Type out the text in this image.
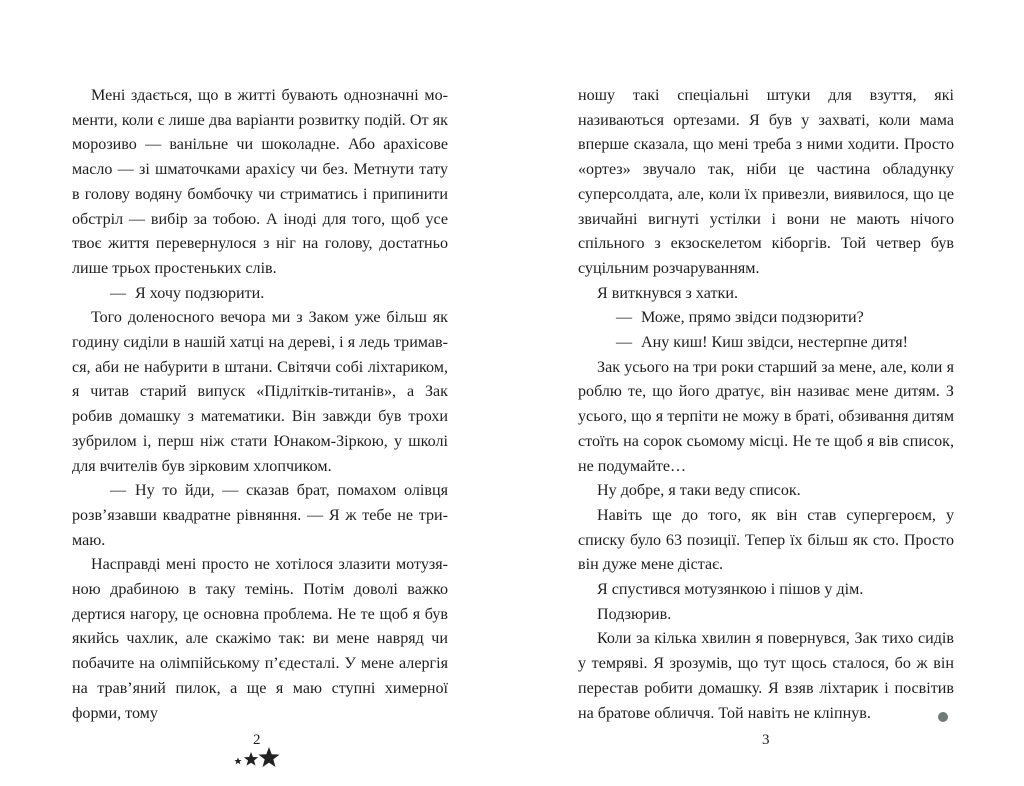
Мені здається, що в житті бувають однозначні моменти, коли є лише два варіанти розвитку подій. От як морозиво — ванільне чи шоколадне. Або арахісове масло — зі шматочками арахісу чи без. Метнути тату в голову водяну бомбочку чи стриматись і припинити обстріл — вибір за тобою. А іноді для того, щоб усе твоє життя перевернулося з ніг на голову, достатньо лише трьох простеньких слів.

— Я хочу подзюрити.

Того доленосного вечора ми з Заком уже більш як годину сиділи в нашій хатці на дереві, і я ледь тримався, аби не набурити в штани. Світячи собі ліхтариком, я читав старий випуск «Підлітків-титанів», а Зак робив домашку з математики. Він завжди був трохи зубрилом і, перш ніж стати Юнаком-Зіркою, у школі для вчителів був зірковим хлопчиком.

— Ну то йди, — сказав брат, помахом олівця розв’язавши квадратне рівняння. — Я ж тебе не тримаю.

Насправді мені просто не хотілося злазити мотузяною драбиною в таку темінь. Потім доволі важко дертися нагору, це основна проблема. Не те щоб я був якийсь чахлик, але скажімо так: ви мене навряд чи побачите на олімпійському п’єдесталі. У мене алергія на трав’яний пилок, а ще я маю ступні химерної форми, тому

ношу такі спеціальні штуки для взуття, які називаються ортезами. Я був у захваті, коли мама вперше сказала, що мені треба з ними ходити. Просто «ортез» звучало так, ніби це частина обладунку суперсолдата, але, коли їх привезли, виявилося, що це звичайні вигнуті устілки і вони не мають нічого спільного з екзоскелетом кіборгів. Той четвер був суцільним розчаруванням.

Я виткнувся з хатки.

— Може, прямо звідси подзюрити?

— Ану киш! Киш звідси, нестерпне дитя!

Зак усього на три роки старший за мене, але, коли я роблю те, що його дратує, він називає мене дитям. З усього, що я терпіти не можу в браті, обзивання дитям стоїть на сорок сьомому місці. Не те щоб я вів список, не подумайте…

Ну добре, я таки веду список.

Навіть ще до того, як він став супергероєм, у списку було 63 позиції. Тепер їх більш як сто. Просто він дуже мене дістає.

Я спустився мотузянкою і пішов у дім.

Подзюрив.

Коли за кілька хвилин я повернувся, Зак тихо сидів у темряві. Я зрозумів, що тут щось сталося, бо ж він перестав робити домашку. Я взяв ліхтарик і посвітив на братове обличчя. Той навіть не кліпнув.

2	3
